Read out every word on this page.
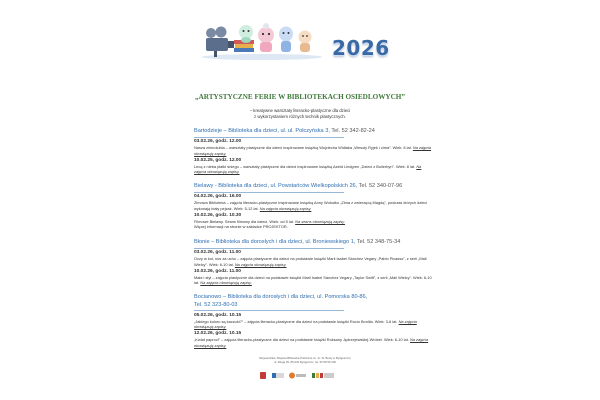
2026
„ARTYSTYCZNE FERIE W BIBLIOTEKACH OSIEDLOWYCH”
– kreatywne warsztaty literacko-plastyczne dla dzieci
z wykorzystaniem różnych technik plastycznych.
Bartodzieje – Biblioteka dla dzieci, ul. ul. Połczyńska 3, Tel. 52 342-82-24
03.02.26, godz. 12.00
Nasza zimnolubia – warsztaty plastyczne dla dzieci inspirowane książką Wojciecha Widłaka „Wesoły Ryjek i zima”. Wiek: 8 lat. Na zajęcia obowiązują zapisy.
10.02.25, godz. 12.00
Lecą z nieba płatki śniegu – warsztaty plastyczne dla dzieci inspirowane książką Astrid Lindgren „Dzieci z Bullerbyn”. Wiek: 8 lat. Na zajęcia obowiązują zapisy.
Bielawy - Biblioteka dla dzieci, ul. Powstańców Wielkopolskich 26, Tel. 52 340-07-96
04.02.26, godz. 16.00
Zimowa Biblioteka – zajęcia literacko-plastyczne inspirowane książką Anny Wołodko „Zima z zwierzęcą Magdą”, podczas których dzieci wykonają biały pejzaż. Wiek: 5-12 lat. Na zajęcia obowiązują zapisy.
10.02.26, godz. 10.30
Filmowe Bielawy. Seans filmowy dla dzieci. Wiek: od 5 lat. Na seans obowiązują zapisy.
Więcej informacji na stronie w zakładce PROJEKTOR.
Błonie – Biblioteka dla dorosłych i dla dzieci, ul. Broniewskiego 1, Tel. 52 348-75-34
03.02.26, godz. 11.00
Oczy w koł, nos za ucho – zajęcia plastyczne dla dzieci na podstawie książki Marii Isabel Sánchez Vegary „Pablo Picasso”, z serii „Mali Wielcy”. Wiek: 6-10 lat. Na zajęcia obowiązują zapisy.
10.02.26, godz. 11.00
Mała i styl – zajęcia plastyczne dla dzieci na podstawie książki Marii Isabel Sánchez Vegary „Taylor Swift”, z serii „Mali Wielcy”. Wiek: 6-10 lat. Na zajęcia obowiązują zapisy.
Bocianowo – Biblioteka dla dorosłych i dla dzieci, ul. Pomorska 80-86,
Tel. 52 323-80-03
05.02.26, godz. 10.15
„Jakiego koloru są kaczuki?” – zajęcia literacko-plastyczne dla dzieci na podstawie książki Rocio Bonilla. Wiek: 3-6 lat. Na zajęcia obowiązują zapisy.
12.02.26, godz. 10.15
„Kwiat paproci” – zajęcia literacko-plastyczne dla dzieci na podstawie książki Roksany Jędrzejewskiej-Wróbel. Wiek: 6-10 lat. Na zajęcia obowiązują zapisy.
Wojewódzka i Miejska Biblioteka Publiczna im. dr. W. Bełzy w Bydgoszczy
ul. Długa 39, 85-034 Bydgoszcz, tel. 52 58 59 200
